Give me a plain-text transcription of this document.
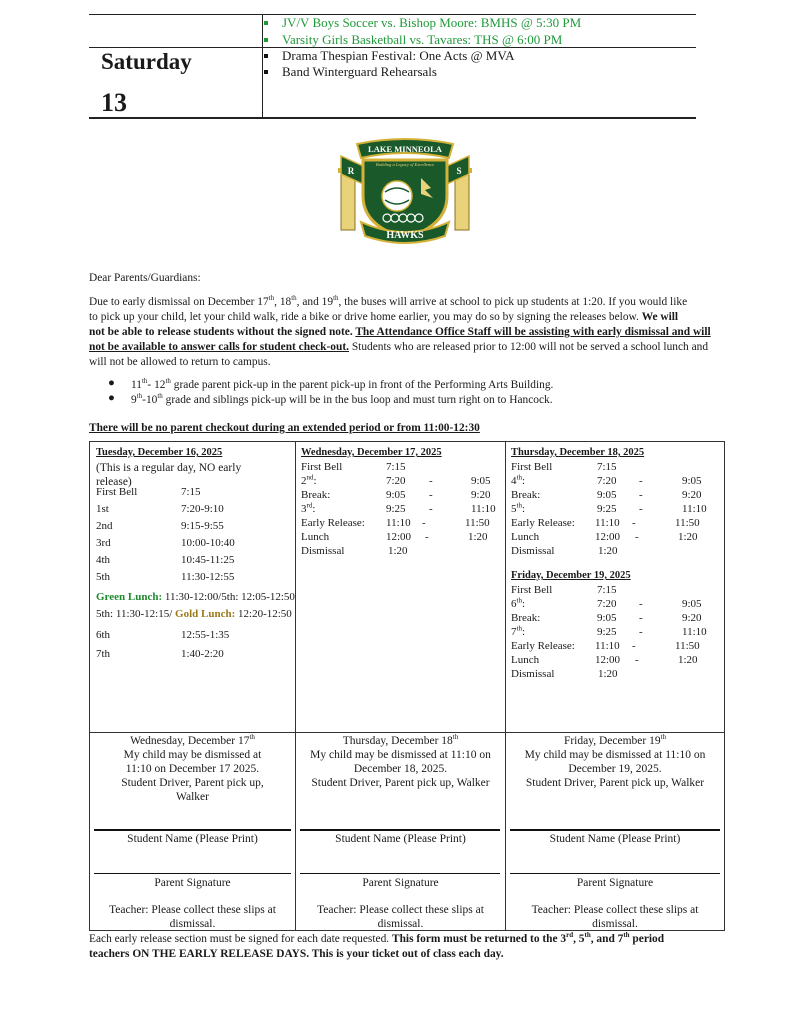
JV/V Boys Soccer vs. Bishop Moore: BMHS @ 5:30 PM
Varsity Girls Basketball vs. Tavares: THS @ 6:00 PM
Saturday
13
Drama Thespian Festival: One Acts @ MVA
Band Winterguard Rehearsals
R	S
LAKE MINNEOLA
Building a Legacy of Excellence
HAWKS
Dear Parents/Guardians:
Due to early dismissal on December 17th, 18th, and 19th, the buses will arrive at school to pick up students at 1:20. If you would like
to pick up your child, let your child walk, ride a bike or drive home earlier, you may do so by signing the releases below. We will
not be able to release students without the signed note. The Attendance Office Staff will be assisting with early dismissal and will
not be available to answer calls for student check-out. Students who are released prior to 12:00 will not be served a school lunch and
will not be allowed to return to campus.
● 11th- 12th grade parent pick-up in the parent pick-up in front of the Performing Arts Building.
● 9th-10th grade and siblings pick-up will be in the bus loop and must turn right on to Hancock.
There will be no parent checkout during an extended period or from 11:00-12:30
Tuesday, December 16, 2025
(This is a regular day, NO early
release)
First Bell	7:15
1st	7:20-9:10
2nd	9:15-9:55
3rd	10:00-10:40
4th	10:45-11:25
5th	11:30-12:55
Green Lunch: 11:30-12:00/5th: 12:05-12:50
5th: 11:30-12:15/ Gold Lunch: 12:20-12:50
6th	12:55-1:35
7th	1:40-2:20
Wednesday, December 17, 2025
First Bell	7:15
2nd:	7:20 -	9:05
Break:	9:05 -	9:20
3rd:	9:25 -	11:10
Early Release: 11:10 -	11:50
Lunch	12:00 -	1:20
Dismissal	1:20
Thursday, December 18, 2025
First Bell	7:15
4th:	7:20 -	9:05
Break:	9:05 -	9:20
5th:	9:25 -	11:10
Early Release: 11:10 -	11:50
Lunch	12:00 -	1:20
Dismissal	1:20
Friday, December 19, 2025
First Bell	7:15
6th:	7:20 -	9:05
Break:	9:05 -	9:20
7th:	9:25 -	11:10
Early Release: 11:10 -	11:50
Lunch	12:00 -	1:20
Dismissal	1:20
Wednesday, December 17th
My child may be dismissed at
11:10 on December 17 2025.
Student Driver, Parent pick up,
Walker
Thursday, December 18th
My child may be dismissed at 11:10 on
December 18, 2025.
Student Driver, Parent pick up, Walker
Friday, December 19th
My child may be dismissed at 11:10 on
December 19, 2025.
Student Driver, Parent pick up, Walker
Student Name (Please Print)	Student Name (Please Print)	Student Name (Please Print)
Parent Signature	Parent Signature	Parent Signature
Teacher: Please collect these slips at
dismissal.
Teacher: Please collect these slips at
dismissal.
Teacher: Please collect these slips at
dismissal.
Each early release section must be signed for each date requested. This form must be returned to the 3rd, 5th, and 7th period
teachers ON THE EARLY RELEASE DAYS. This is your ticket out of class each day.
